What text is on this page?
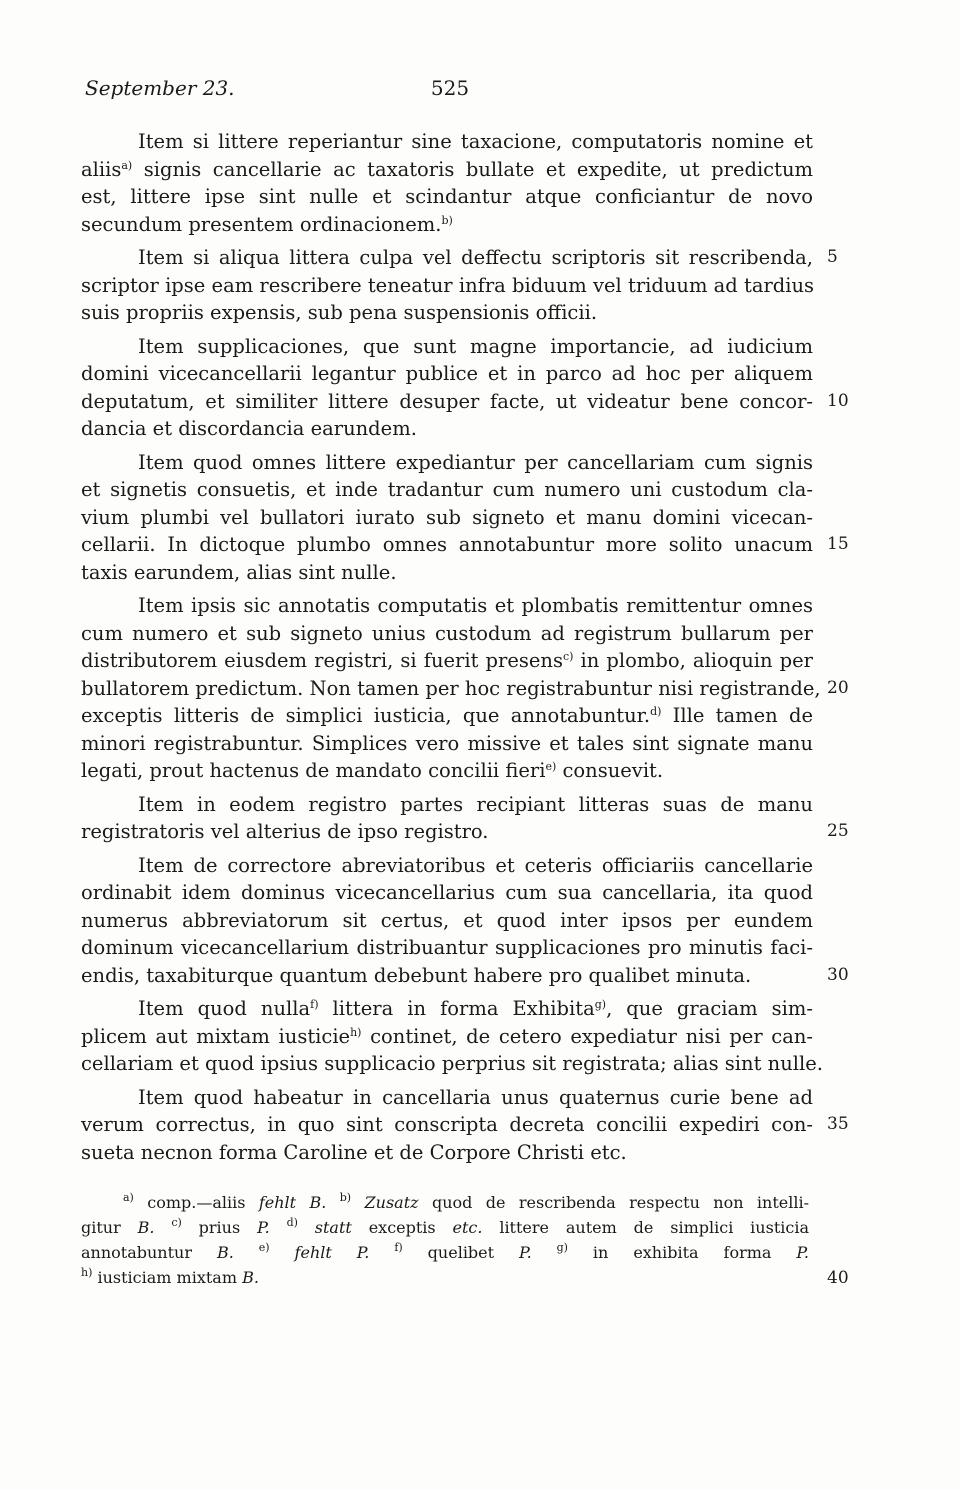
September 23.	525
Item si littere reperiantur sine taxacione, computatoris nomine et
aliis$^{a)}$ signis cancellarie ac taxatoris bullate et expedite, ut predictum
est, littere ipse sint nulle et scindantur atque conficiantur de novo
secundum presentem ordinacionem.$^{b)}$
Item si aliqua littera culpa vel deffectu scriptoris sit rescribenda,
scriptor ipse eam rescribere teneatur infra biduum vel triduum ad tardius
suis propriis expensis, sub pena suspensionis officii.
Item supplicaciones, que sunt magne importancie, ad iudicium
domini vicecancellarii legantur publice et in parco ad hoc per aliquem
deputatum, et similiter littere desuper facte, ut videatur bene concor-
dancia et discordancia earundem.
Item quod omnes littere expediantur per cancellariam cum signis
et signetis consuetis, et inde tradantur cum numero uni custodum cla-
vium plumbi vel bullatori iurato sub signeto et manu domini vicecan-
cellarii. In dictoque plumbo omnes annotabuntur more solito unacum
taxis earundem, alias sint nulle.
Item ipsis sic annotatis computatis et plombatis remittentur omnes
cum numero et sub signeto unius custodum ad registrum bullarum per
distributorem eiusdem registri, si fuerit presens$^{c)}$ in plombo, alioquin per
bullatorem predictum. Non tamen per hoc registrabuntur nisi registrande,
exceptis litteris de simplici iusticia, que annotabuntur.$^{d)}$ Ille tamen de
minori registrabuntur. Simplices vero missive et tales sint signate manu
legati, prout hactenus de mandato concilii fieri$^{e)}$ consuevit.
Item in eodem registro partes recipiant litteras suas de manu
registratoris vel alterius de ipso registro.
Item de correctore abreviatoribus et ceteris officiariis cancellarie
ordinabit idem dominus vicecancellarius cum sua cancellaria, ita quod
numerus abbreviatorum sit certus, et quod inter ipsos per eundem
dominum vicecancellarium distribuantur supplicaciones pro minutis faci-
endis, taxabiturque quantum debebunt habere pro qualibet minuta.
Item quod nulla$^{f)}$ littera in forma Exhibita$^{g)}$, que graciam sim-
plicem aut mixtam iusticie$^{h)}$ continet, de cetero expediatur nisi per can-
cellariam et quod ipsius supplicacio perprius sit registrata; alias sint nulle.
Item quod habeatur in cancellaria unus quaternus curie bene ad
verum correctus, in quo sint conscripta decreta concilii expediri con-
sueta necnon forma Caroline et de Corpore Christi etc.
5
10
15
20
25
30
35
40
$^{a)}$ comp.—aliis fehlt B. $^{b)}$ Zusatz quod de rescribenda respectu non intelli-
gitur B. $^{c)}$ prius P. $^{d)}$ statt exceptis etc. littere autem de simplici iusticia
annotabuntur B. $^{e)}$ fehlt P. $^{f)}$ quelibet P. $^{g)}$ in exhibita forma P.
$^{h)}$ iusticiam mixtam B.
